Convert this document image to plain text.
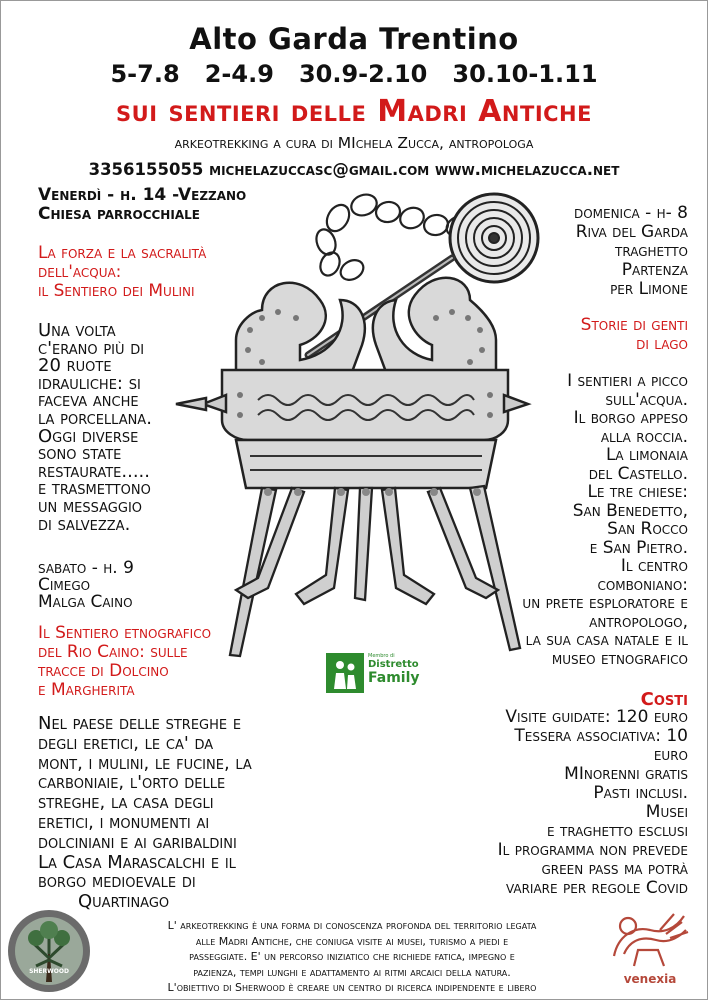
Alto Garda Trentino
5-7.8   2-4.9   30.9-2.10   30.10-1.11
sui sentieri delle Madri Antiche
arkeotrekking a cura di MIchela Zucca, antropologa
3356155055 michelazuccasc@gmail.com www.michelazucca.net
Venerdì - h. 14 -Vezzano
Chiesa parrocchiale
La forza e la sacralità
dell'acqua:
il Sentiero dei Mulini
Una volta
c'erano più di
20 ruote
idrauliche: si
faceva anche
la porcellana.
Oggi diverse
sono state
restaurate.....
e trasmettono
un messaggio
di salvezza.
sabato - h. 9
Cimego
Malga Caino
Il Sentiero etnografico
del Rio Caino: sulle
tracce di Dolcino
e Margherita
Nel paese delle streghe e
degli eretici, le ca' da
mont, i mulini, le fucine, la
carboniaie, l'orto delle
streghe, la casa degli
eretici, i monumenti ai
dolciniani e ai garibaldini
La Casa Marascalchi e il
borgo medioevale di
Quartinago
domenica - h- 8
Riva del Garda
traghetto
Partenza
per Limone
Storie di genti
di lago
I sentieri a picco
sull'acqua.
Il borgo appeso
alla roccia.
La limonaia
del Castello.
Le tre chiese:
San Benedetto,
San Rocco
e San Pietro.
Il centro
comboniano:
un prete esploratore e
antropologo,
la sua casa natale e il
museo etnografico
Membro di
Distretto
Family
Costi
Visite guidate: 120 euro
Tessera associativa: 10
euro
MInorenni gratis
Pasti inclusi.
Musei
e traghetto esclusi
Il programma non prevede
green pass ma potrà
variare per regole Covid
SHERWOOD
L' arkeotrekking è una forma di conoscenza profonda del territorio legata
alle Madri Antiche, che coniuga visite ai musei, turismo a piedi e
passeggiate. E' un percorso iniziatico che richiede fatica, impegno e
pazienza, tempi lunghi e adattamento ai ritmi arcaici della natura.
L'obiettivo di Sherwood è creare un centro di ricerca indipendente e libero
venexia
